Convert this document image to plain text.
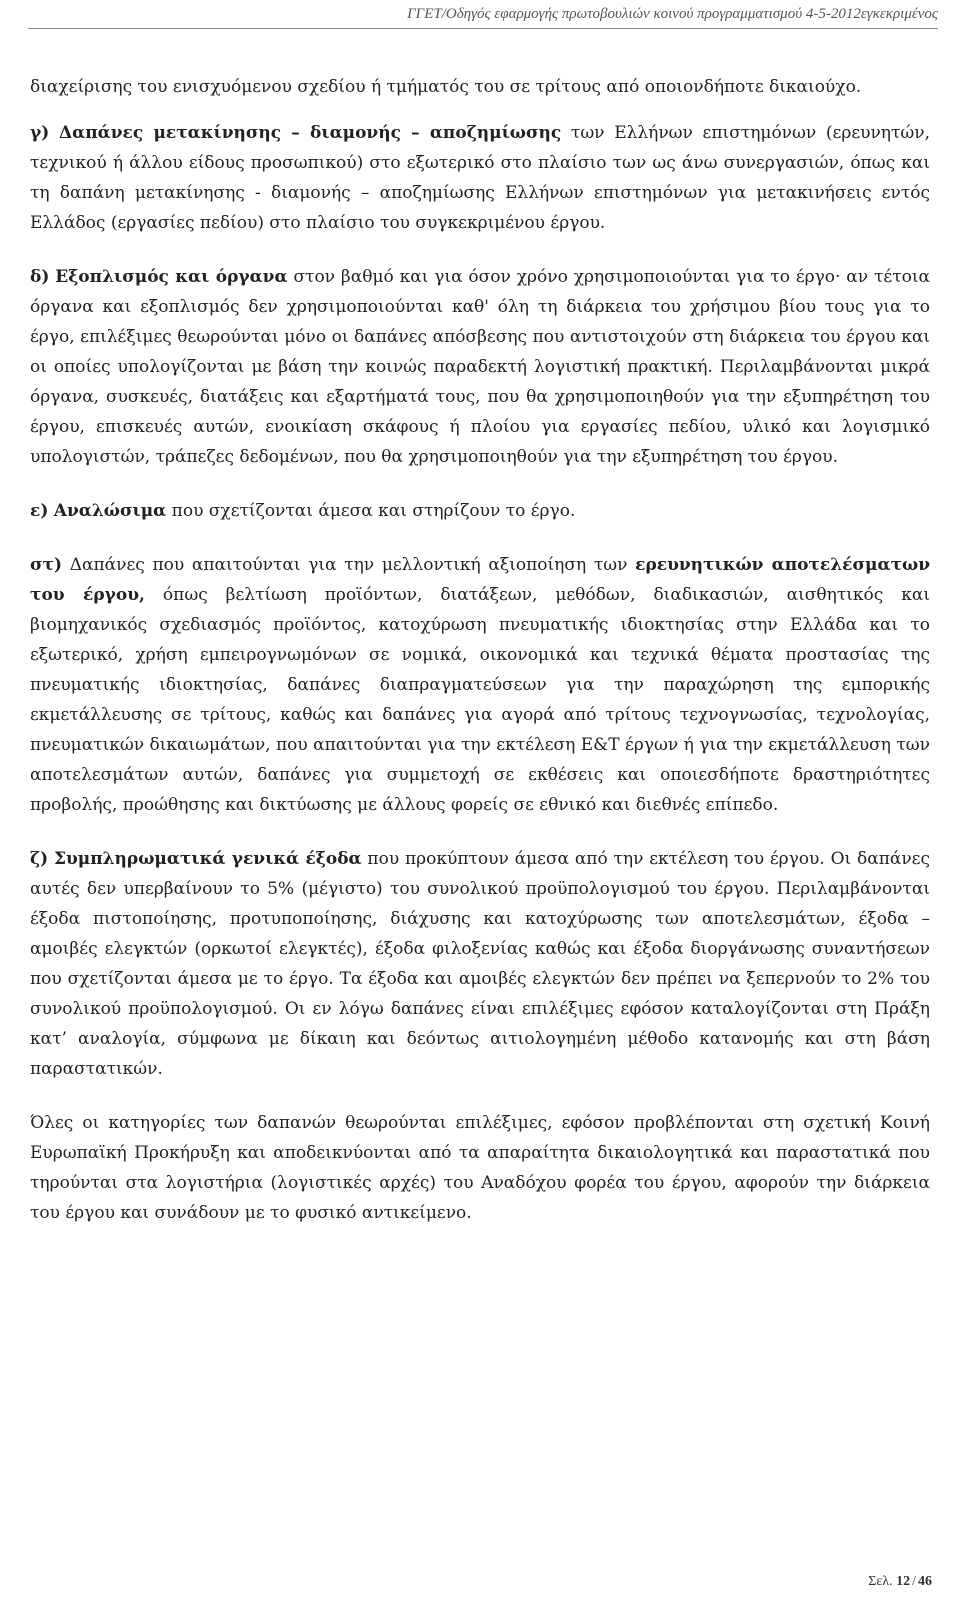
ΓΓΕΤ/Οδηγός εφαρμογής πρωτοβουλιών κοινού προγραμματισμού 4-5-2012εγκεκριμένος

διαχείρισης του ενισχυόμενου σχεδίου ή τμήματός του σε τρίτους από οποιονδήποτε δικαιούχο.

γ) Δαπάνες μετακίνησης – διαμονής – αποζημίωσης των Ελλήνων επιστημόνων (ερευνητών, τεχνικού ή άλλου είδους προσωπικού) στο εξωτερικό στο πλαίσιο των ως άνω συνεργασιών, όπως και τη δαπάνη μετακίνησης - διαμονής – αποζημίωσης Ελλήνων επιστημόνων για μετακινήσεις εντός Ελλάδος (εργασίες πεδίου) στο πλαίσιο του συγκεκριμένου έργου.

δ) Εξοπλισμός και όργανα στον βαθμό και για όσον χρόνο χρησιμοποιούνται για το έργο· αν τέτοια όργανα και εξοπλισμός δεν χρησιμοποιούνται καθ' όλη τη διάρκεια του χρήσιμου βίου τους για το έργο, επιλέξιμες θεωρούνται μόνο οι δαπάνες απόσβεσης που αντιστοιχούν στη διάρκεια του έργου και οι οποίες υπολογίζονται με βάση την κοινώς παραδεκτή λογιστική πρακτική. Περιλαμβάνονται μικρά όργανα, συσκευές, διατάξεις και εξαρτήματά τους, που θα χρησιμοποιηθούν για την εξυπηρέτηση του έργου, επισκευές αυτών, ενοικίαση σκάφους ή πλοίου για εργασίες πεδίου, υλικό και λογισμικό υπολογιστών, τράπεζες δεδομένων, που θα χρησιμοποιηθούν για την εξυπηρέτηση του έργου.

ε) Αναλώσιμα που σχετίζονται άμεσα και στηρίζουν το έργο.

στ) Δαπάνες που απαιτούνται για την μελλοντική αξιοποίηση των ερευνητικών αποτελέσματων του έργου, όπως βελτίωση προϊόντων, διατάξεων, μεθόδων, διαδικασιών, αισθητικός και βιομηχανικός σχεδιασμός προϊόντος, κατοχύρωση πνευματικής ιδιοκτησίας στην Ελλάδα και το εξωτερικό, χρήση εμπειρογνωμόνων σε νομικά, οικονομικά και τεχνικά θέματα προστασίας της πνευματικής ιδιοκτησίας, δαπάνες διαπραγματεύσεων για την παραχώρηση της εμπορικής εκμετάλλευσης σε τρίτους, καθώς και δαπάνες για αγορά από τρίτους τεχνογνωσίας, τεχνολογίας, πνευματικών δικαιωμάτων, που απαιτούνται για την εκτέλεση Ε&Τ έργων ή για την εκμετάλλευση των αποτελεσμάτων αυτών, δαπάνες για συμμετοχή σε εκθέσεις και οποιεσδήποτε δραστηριότητες προβολής, προώθησης και δικτύωσης με άλλους φορείς σε εθνικό και διεθνές επίπεδο.

ζ) Συμπληρωματικά γενικά έξοδα που προκύπτουν άμεσα από την εκτέλεση του έργου. Οι δαπάνες αυτές δεν υπερβαίνουν το 5% (μέγιστο) του συνολικού προϋπολογισμού του έργου. Περιλαμβάνονται έξοδα πιστοποίησης, προτυποποίησης, διάχυσης και κατοχύρωσης των αποτελεσμάτων, έξοδα – αμοιβές ελεγκτών (ορκωτοί ελεγκτές), έξοδα φιλοξενίας καθώς και έξοδα διοργάνωσης συναντήσεων που σχετίζονται άμεσα με το έργο. Τα έξοδα και αμοιβές ελεγκτών δεν πρέπει να ξεπερνούν το 2% του συνολικού προϋπολογισμού. Οι εν λόγω δαπάνες είναι επιλέξιμες εφόσον καταλογίζονται στη Πράξη κατ’ αναλογία, σύμφωνα με δίκαιη και δεόντως αιτιολογημένη μέθοδο κατανομής και στη βάση παραστατικών.

Όλες οι κατηγορίες των δαπανών θεωρούνται επιλέξιμες, εφόσον προβλέπονται στη σχετική Κοινή Ευρωπαϊκή Προκήρυξη και αποδεικνύονται από τα απαραίτητα δικαιολογητικά και παραστατικά που τηρούνται στα λογιστήρια (λογιστικές αρχές) του Αναδόχου φορέα του έργου, αφορούν την διάρκεια του έργου και συνάδουν με το φυσικό αντικείμενο.

Σελ. 12 / 46
